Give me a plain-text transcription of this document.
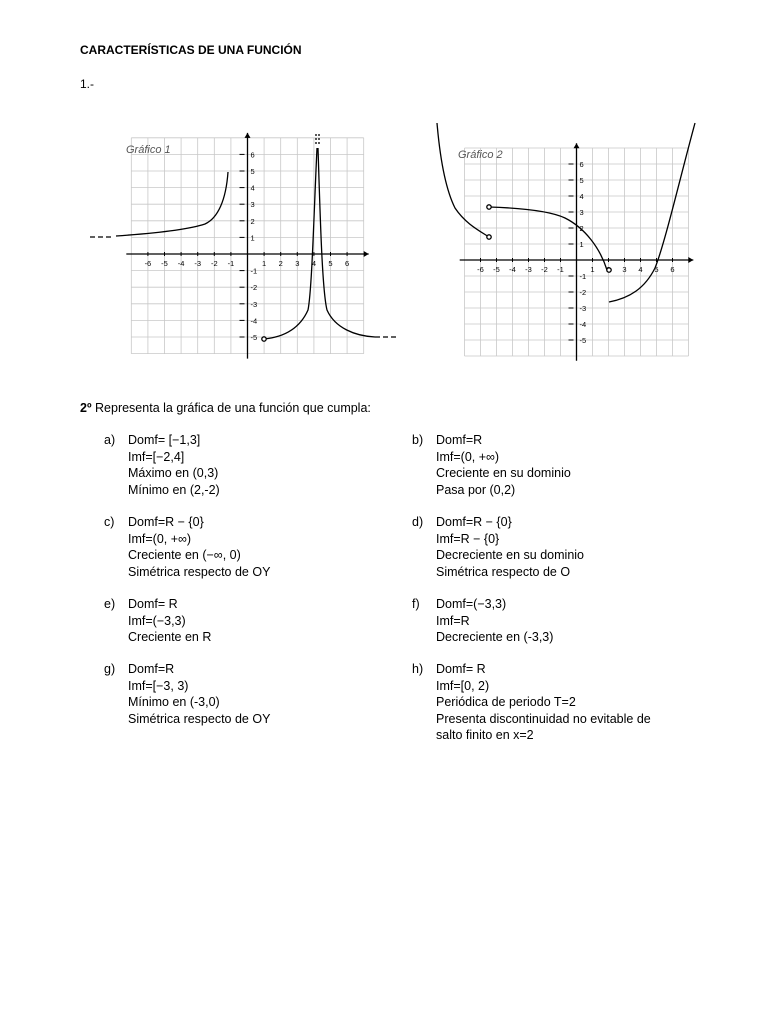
CARACTERÍSTICAS DE UNA FUNCIÓN
1.-
-6 -5 -4 -3 -2 -1	1 2 3 4 5 6
6
5
4
3
2
1
-1
-2
-3
-4
-5
Gráfico 1
-6 -5 -4 -3 -2 -1	1	3 4 5 6
6
5
4
3
2
1
-1
-2
-3
-4
-5
Gráfico 2
2º Representa la gráfica de una función que cumpla:
a) Domf= [−1,3]
Imf=[−2,4]
Máximo en (0,3)
Mínimo en (2,-2)
b) Domf=R
Imf=(0, +∞)
Creciente en su dominio
Pasa por (0,2)
c) Domf=R − {0}
Imf=(0, +∞)
Creciente en (−∞, 0)
Simétrica respecto de OY
d) Domf=R − {0}
Imf=R − {0}
Decreciente en su dominio
Simétrica respecto de O
e) Domf= R
Imf=(−3,3)
Creciente en R
f) Domf=(−3,3)
Imf=R
Decreciente en (-3,3)
g) Domf=R
Imf=[−3, 3)
Mínimo en (-3,0)
Simétrica respecto de OY
h) Domf= R
Imf=[0, 2)
Periódica de periodo T=2
Presenta discontinuidad no evitable de
salto finito en x=2
